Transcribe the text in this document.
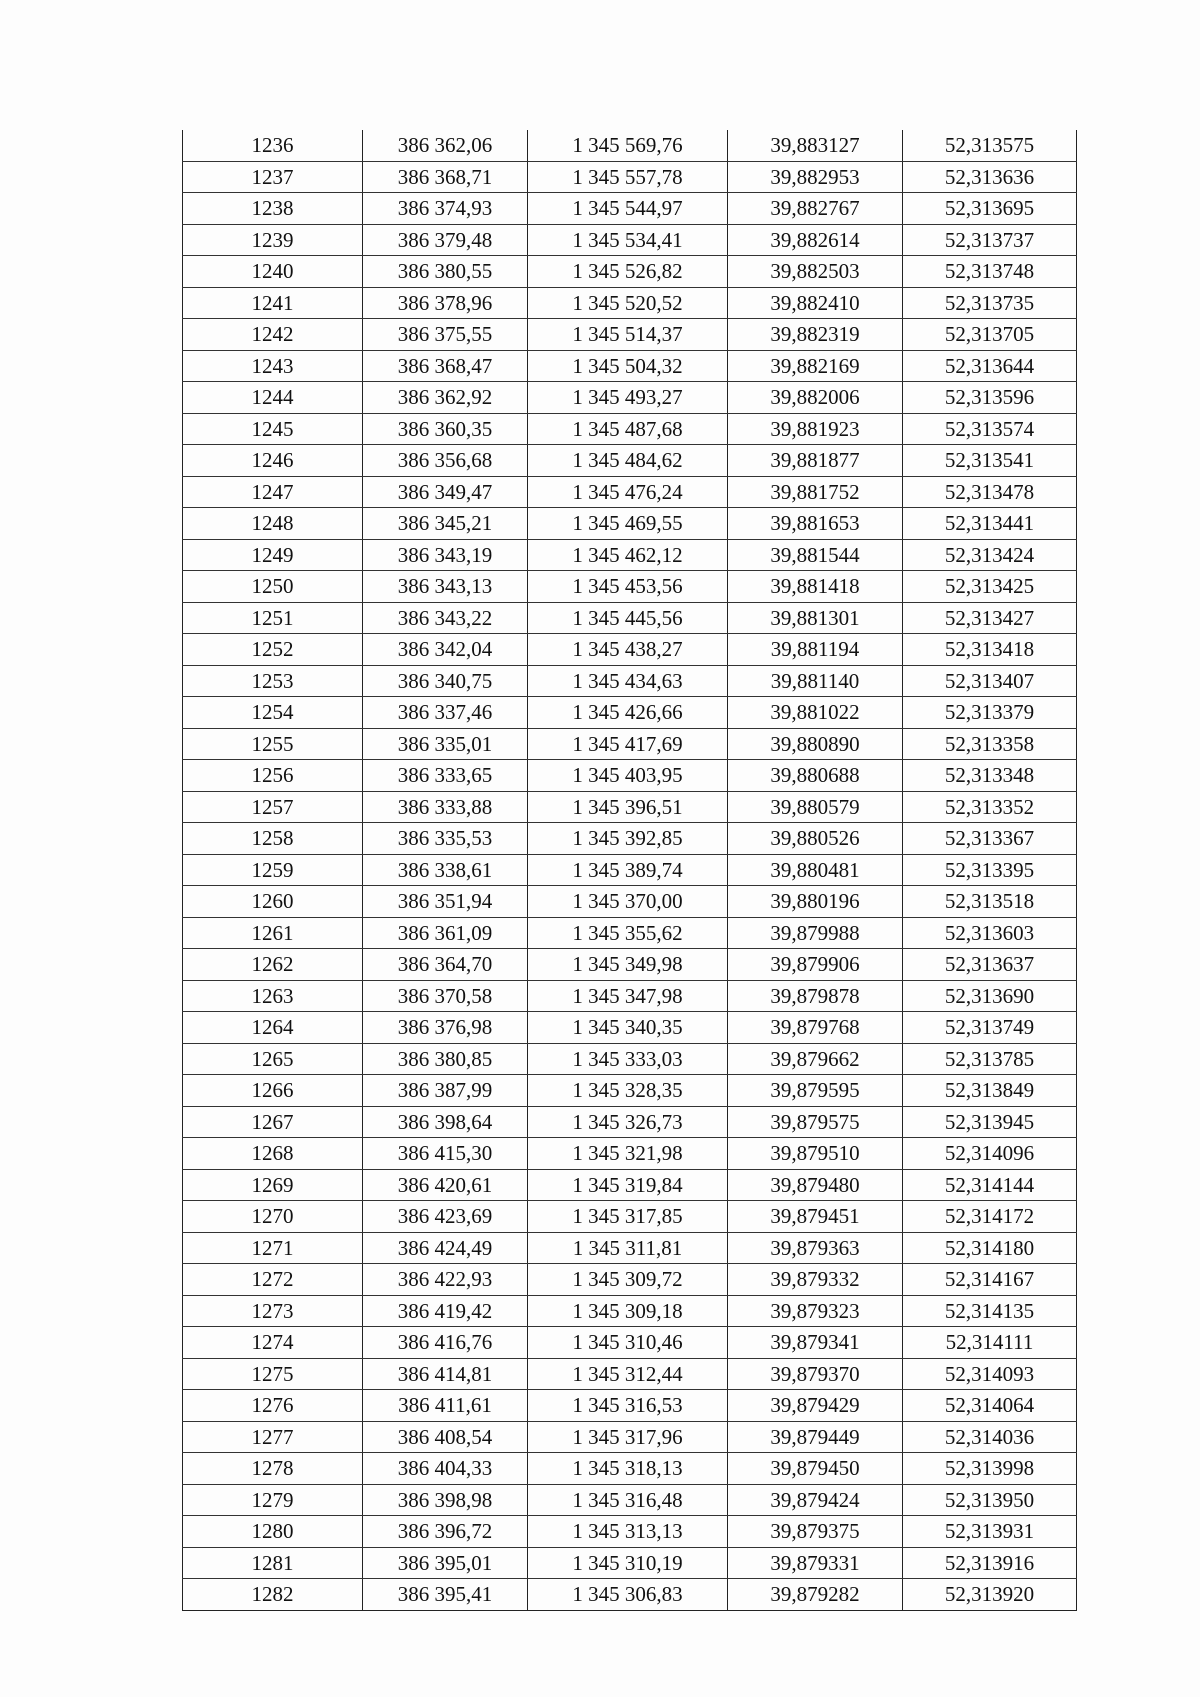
1236	386 362,06	1 345 569,76	39,883127	52,313575
1237	386 368,71	1 345 557,78	39,882953	52,313636
1238	386 374,93	1 345 544,97	39,882767	52,313695
1239	386 379,48	1 345 534,41	39,882614	52,313737
1240	386 380,55	1 345 526,82	39,882503	52,313748
1241	386 378,96	1 345 520,52	39,882410	52,313735
1242	386 375,55	1 345 514,37	39,882319	52,313705
1243	386 368,47	1 345 504,32	39,882169	52,313644
1244	386 362,92	1 345 493,27	39,882006	52,313596
1245	386 360,35	1 345 487,68	39,881923	52,313574
1246	386 356,68	1 345 484,62	39,881877	52,313541
1247	386 349,47	1 345 476,24	39,881752	52,313478
1248	386 345,21	1 345 469,55	39,881653	52,313441
1249	386 343,19	1 345 462,12	39,881544	52,313424
1250	386 343,13	1 345 453,56	39,881418	52,313425
1251	386 343,22	1 345 445,56	39,881301	52,313427
1252	386 342,04	1 345 438,27	39,881194	52,313418
1253	386 340,75	1 345 434,63	39,881140	52,313407
1254	386 337,46	1 345 426,66	39,881022	52,313379
1255	386 335,01	1 345 417,69	39,880890	52,313358
1256	386 333,65	1 345 403,95	39,880688	52,313348
1257	386 333,88	1 345 396,51	39,880579	52,313352
1258	386 335,53	1 345 392,85	39,880526	52,313367
1259	386 338,61	1 345 389,74	39,880481	52,313395
1260	386 351,94	1 345 370,00	39,880196	52,313518
1261	386 361,09	1 345 355,62	39,879988	52,313603
1262	386 364,70	1 345 349,98	39,879906	52,313637
1263	386 370,58	1 345 347,98	39,879878	52,313690
1264	386 376,98	1 345 340,35	39,879768	52,313749
1265	386 380,85	1 345 333,03	39,879662	52,313785
1266	386 387,99	1 345 328,35	39,879595	52,313849
1267	386 398,64	1 345 326,73	39,879575	52,313945
1268	386 415,30	1 345 321,98	39,879510	52,314096
1269	386 420,61	1 345 319,84	39,879480	52,314144
1270	386 423,69	1 345 317,85	39,879451	52,314172
1271	386 424,49	1 345 311,81	39,879363	52,314180
1272	386 422,93	1 345 309,72	39,879332	52,314167
1273	386 419,42	1 345 309,18	39,879323	52,314135
1274	386 416,76	1 345 310,46	39,879341	52,314111
1275	386 414,81	1 345 312,44	39,879370	52,314093
1276	386 411,61	1 345 316,53	39,879429	52,314064
1277	386 408,54	1 345 317,96	39,879449	52,314036
1278	386 404,33	1 345 318,13	39,879450	52,313998
1279	386 398,98	1 345 316,48	39,879424	52,313950
1280	386 396,72	1 345 313,13	39,879375	52,313931
1281	386 395,01	1 345 310,19	39,879331	52,313916
1282	386 395,41	1 345 306,83	39,879282	52,313920
